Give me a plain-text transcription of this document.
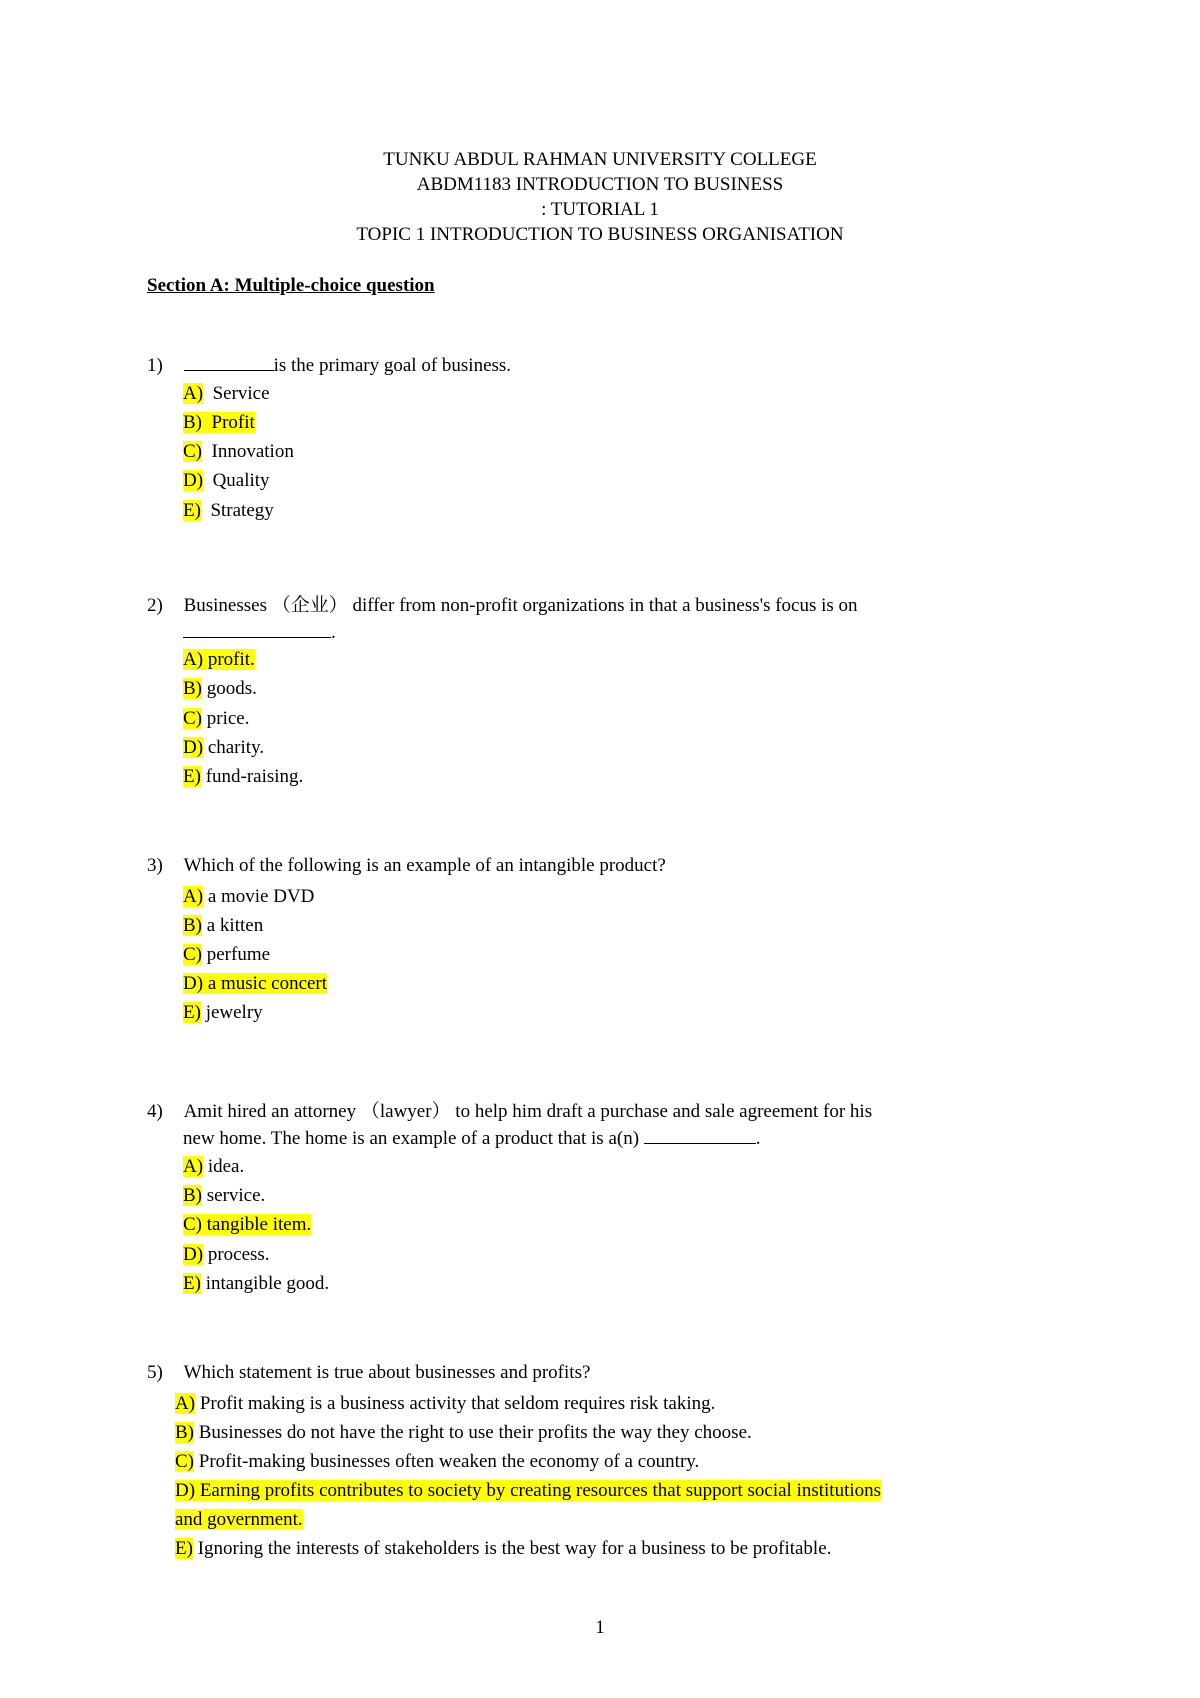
TUNKU ABDUL RAHMAN UNIVERSITY COLLEGE
ABDM1183 INTRODUCTION TO BUSINESS
: TUTORIAL 1
TOPIC 1 INTRODUCTION TO BUSINESS ORGANISATION
Section A: Multiple-choice question
1)	is the primary goal of business.
A) Service
B) Profit
C) Innovation
D) Quality
E) Strategy
2) Businesses （企业） differ from non-profit organizations in that a business's focus is on
.
A) profit.
B) goods.
C) price.
D) charity.
E) fund-raising.
3) Which of the following is an example of an intangible product?
A) a movie DVD
B) a kitten
C) perfume
D) a music concert
E) jewelry
4) Amit hired an attorney （lawyer） to help him draft a purchase and sale agreement for his
new home. The home is an example of a product that is a(n)	.
A) idea.
B) service.
C) tangible item.
D) process.
E) intangible good.
5) Which statement is true about businesses and profits?
A) Profit making is a business activity that seldom requires risk taking.
B) Businesses do not have the right to use their profits the way they choose.
C) Profit-making businesses often weaken the economy of a country.
D) Earning profits contributes to society by creating resources that support social institutions
and government.
E) Ignoring the interests of stakeholders is the best way for a business to be profitable.
1
